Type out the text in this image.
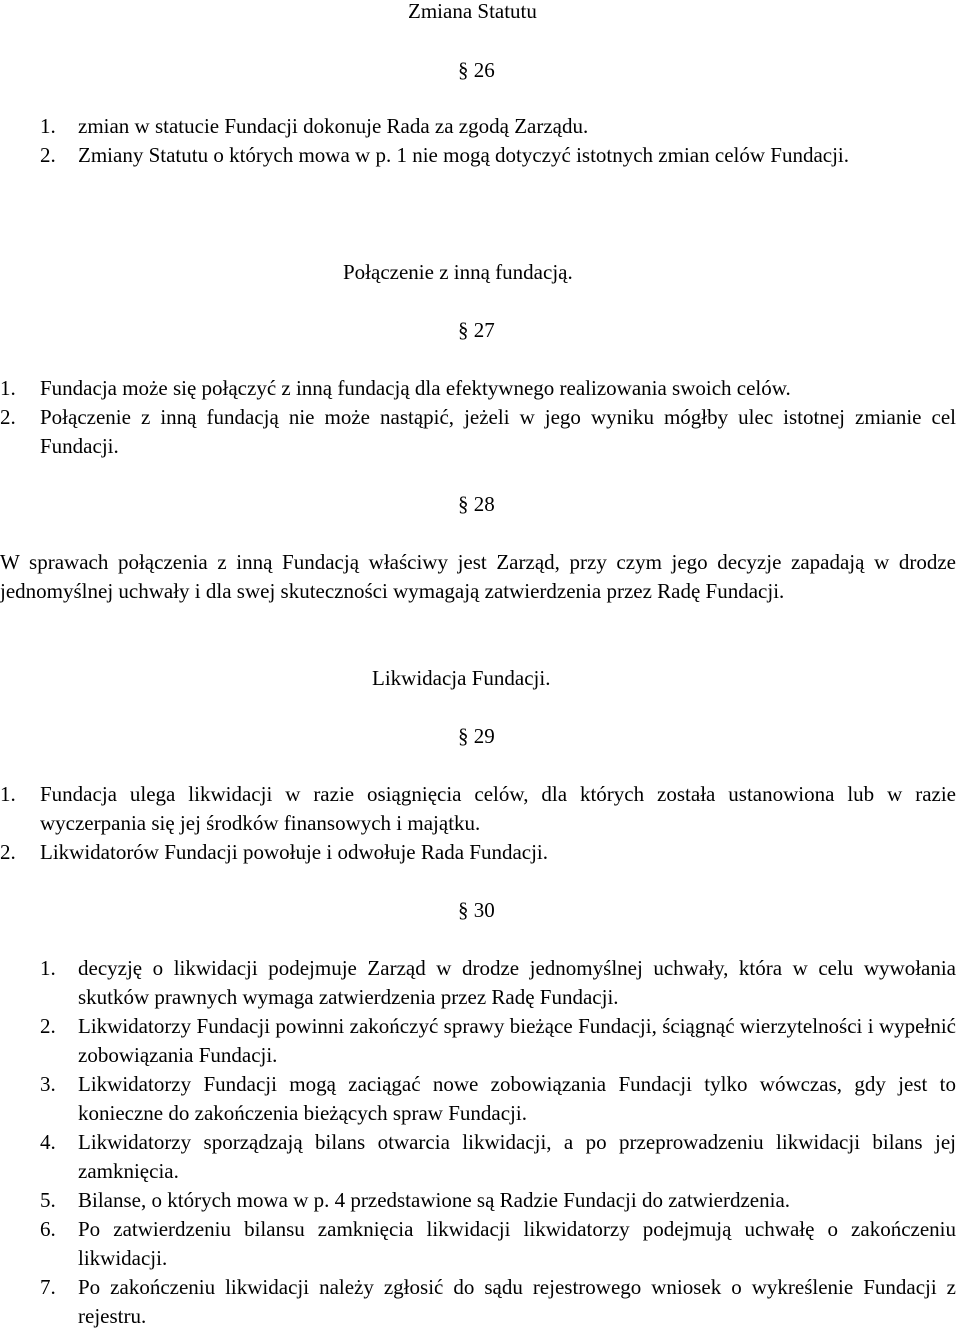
Zmiana Statutu
§ 26
1. zmian w statucie Fundacji dokonuje Rada za zgodą Zarządu.
2. Zmiany Statutu o których mowa w p. 1 nie mogą dotyczyć istotnych zmian celów Fundacji.
Połączenie z inną fundacją.
§ 27
1. Fundacja może się połączyć z inną fundacją dla efektywnego realizowania swoich celów.
2. Połączenie z inną fundacją nie może nastąpić, jeżeli w jego wyniku mógłby ulec istotnej zmianie cel Fundacji.
§ 28
W sprawach połączenia z inną Fundacją właściwy jest Zarząd, przy czym jego decyzje zapadają w drodze jednomyślnej uchwały i dla swej skuteczności wymagają zatwierdzenia przez Radę Fundacji.
Likwidacja Fundacji.
§ 29
1. Fundacja ulega likwidacji w razie osiągnięcia celów, dla których została ustanowiona lub w razie wyczerpania się jej środków finansowych i majątku.
2. Likwidatorów Fundacji powołuje i odwołuje Rada Fundacji.
§ 30
1. decyzję o likwidacji podejmuje Zarząd w drodze jednomyślnej uchwały, która w celu wywołania skutków prawnych wymaga zatwierdzenia przez Radę Fundacji.
2. Likwidatorzy Fundacji powinni zakończyć sprawy bieżące Fundacji, ściągnąć wierzytelności i wypełnić zobowiązania Fundacji.
3. Likwidatorzy Fundacji mogą zaciągać nowe zobowiązania Fundacji tylko wówczas, gdy jest to konieczne do zakończenia bieżących spraw Fundacji.
4. Likwidatorzy sporządzają bilans otwarcia likwidacji, a po przeprowadzeniu likwidacji bilans jej zamknięcia.
5. Bilanse, o których mowa w p. 4 przedstawione są Radzie Fundacji do zatwierdzenia.
6. Po zatwierdzeniu bilansu zamknięcia likwidacji likwidatorzy podejmują uchwałę o zakończeniu likwidacji.
7. Po zakończeniu likwidacji należy zgłosić do sądu rejestrowego wniosek o wykreślenie Fundacji z rejestru.
